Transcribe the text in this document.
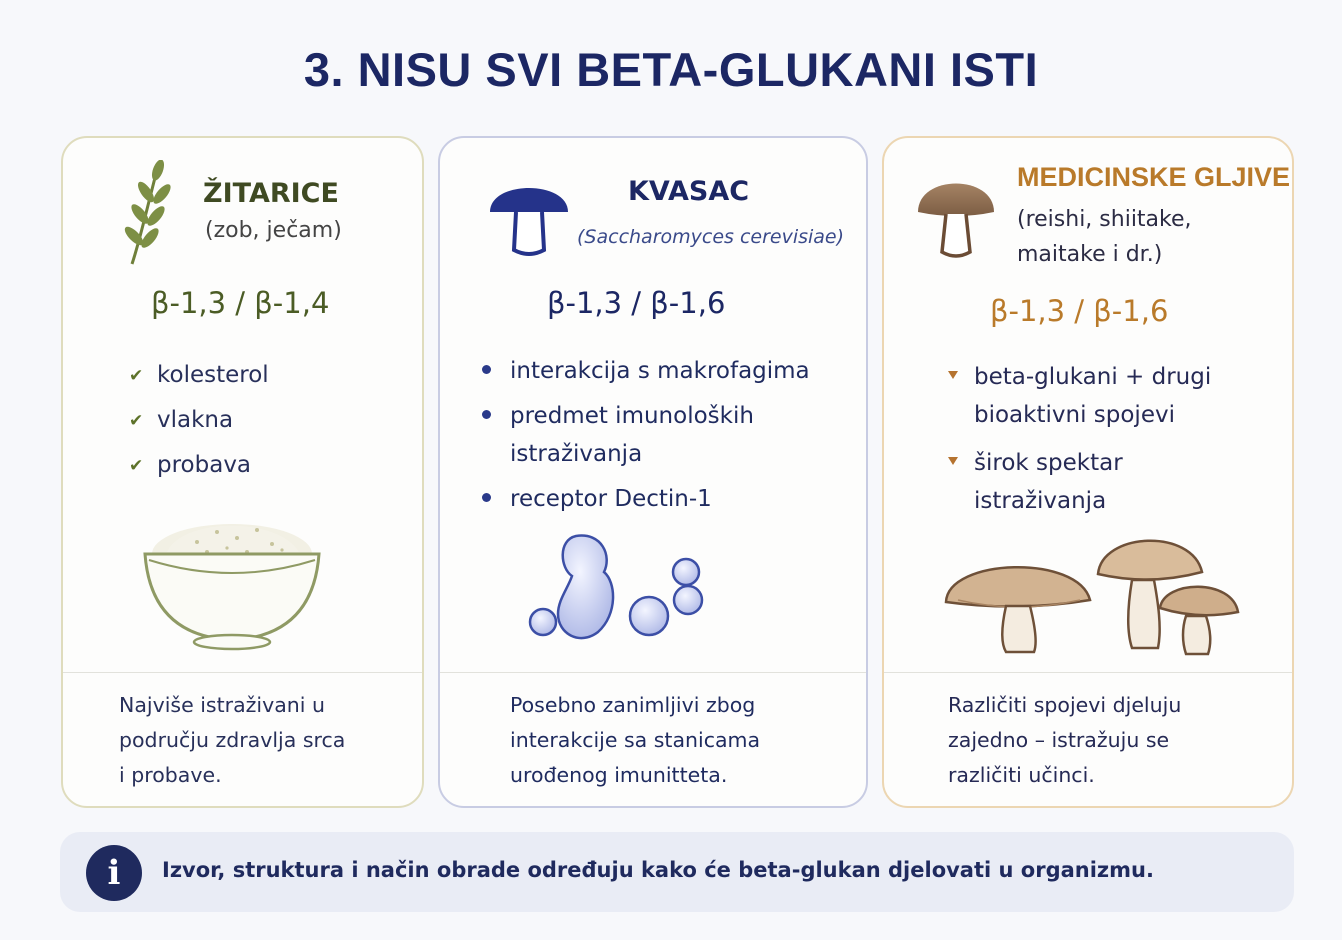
3. NISU SVI BETA-GLUKANI ISTI
ŽITARICE
(zob, ječam)
β-1,3 / β-1,4
✔ kolesterol
✔ vlakna
✔ probava
Najviše istraživani u
području zdravlja srca
i probave.
KVASAC
(Saccharomyces cerevisiae)
β-1,3 / β-1,6
interakcija s makrofagima
predmet imunoloških
istraživanja
receptor Dectin-1
Posebno zanimljivi zbog
interakcije sa stanicama
urođenog imunitteta.
MEDICINSKE GLJIVE
(reishi, shiitake,
maitake i dr.)
β-1,3 / β-1,6
beta-glukani + drugi
bioaktivni spojevi
širok spektar
istraživanja
Različiti spojevi djeluju
zajedno – istražuju se
različiti učinci.
i	Izvor, struktura i način obrade određuju kako će beta-glukan djelovati u organizmu.
